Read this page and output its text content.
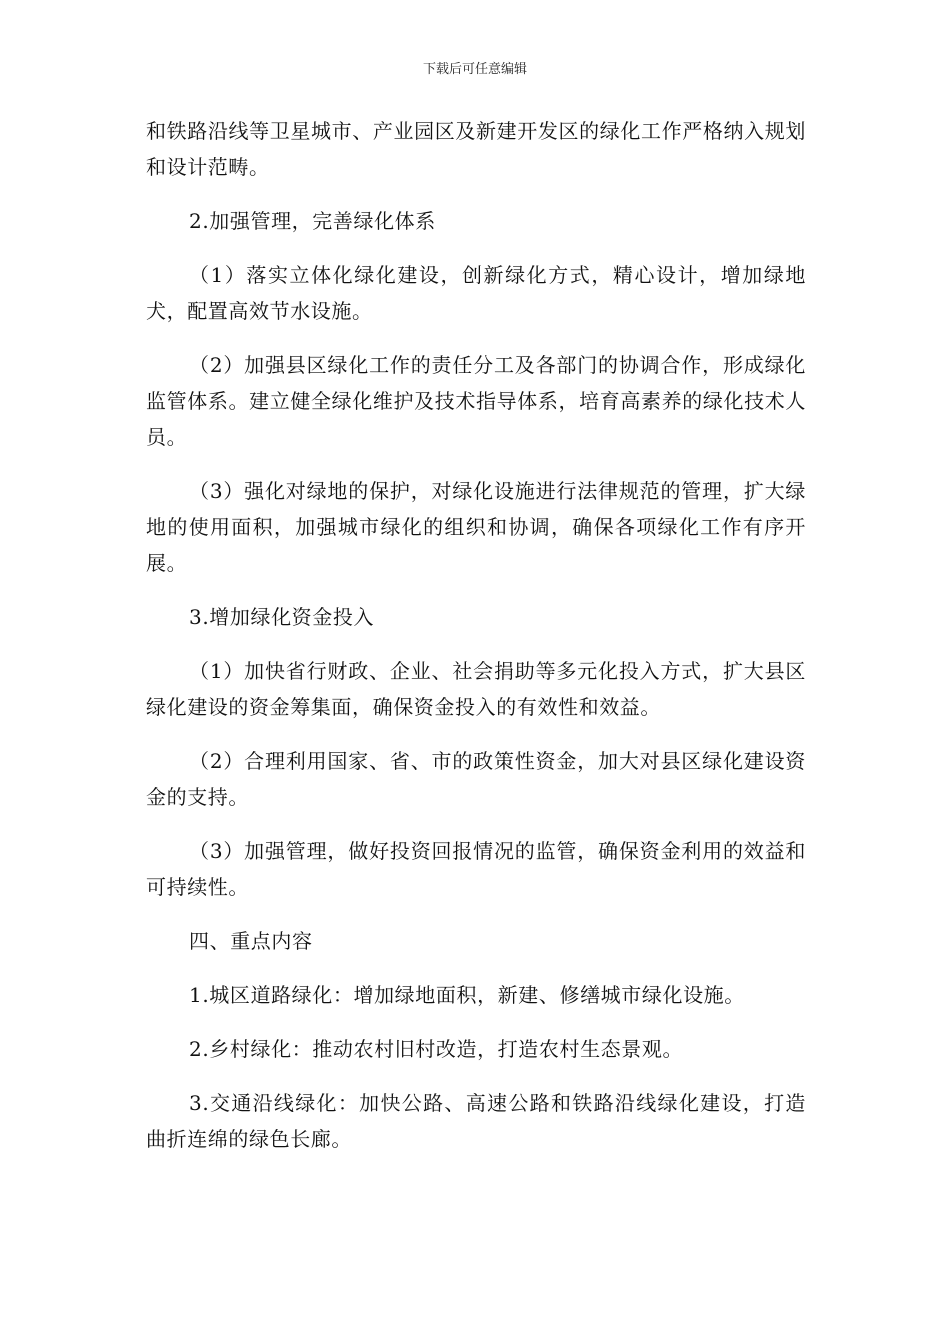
下载后可任意编辑

和铁路沿线等卫星城市、产业园区及新建开发区的绿化工作严格纳入规划和设计范畴。

2.加强管理，完善绿化体系

（1）落实立体化绿化建设，创新绿化方式，精心设计，增加绿地犬，配置高效节水设施。

（2）加强县区绿化工作的责任分工及各部门的协调合作，形成绿化监管体系。建立健全绿化维护及技术指导体系，培育高素养的绿化技术人员。

（3）强化对绿地的保护，对绿化设施进行法律规范的管理，扩大绿地的使用面积，加强城市绿化的组织和协调，确保各项绿化工作有序开展。

3.增加绿化资金投入

（1）加快省行财政、企业、社会捐助等多元化投入方式，扩大县区绿化建设的资金筹集面，确保资金投入的有效性和效益。

（2）合理利用国家、省、市的政策性资金，加大对县区绿化建设资金的支持。

（3）加强管理，做好投资回报情况的监管，确保资金利用的效益和可持续性。

四、重点内容

1.城区道路绿化：增加绿地面积，新建、修缮城市绿化设施。

2.乡村绿化：推动农村旧村改造，打造农村生态景观。

3.交通沿线绿化：加快公路、高速公路和铁路沿线绿化建设，打造曲折连绵的绿色长廊。
